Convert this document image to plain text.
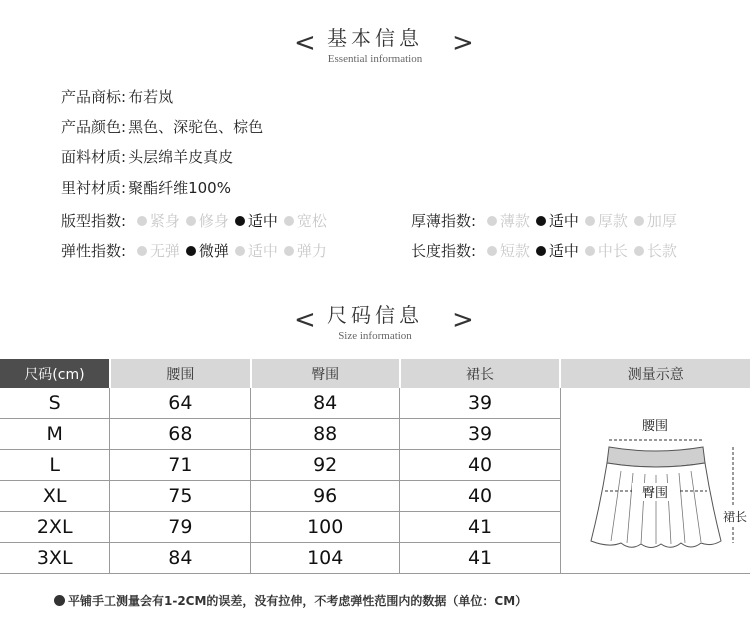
<	>
基本信息
Essential information
产品商标: 布若岚
产品颜色: 黑色、深驼色、棕色
面料材质: 头层绵羊皮真皮
里衬材质: 聚酯纤维100%
版型指数: 紧身 修身 适中 宽松	厚薄指数: 薄款 适中 厚款 加厚
弹性指数: 无弹 微弹 适中 弹力	长度指数: 短款 适中 中长 长款
<	>
尺码信息
Size information
尺码(cm)	腰围	臀围	裙长	测量示意
S	64	84	39	腰围
臀围
裙长

M	68	88	39	
L	71	92	40	
XL	75	96	40	
2XL	79	100	41	
3XL	84	104	41	
平铺手工测量会有1-2CM的误差，没有拉伸，不考虑弹性范围内的数据（单位：CM）
